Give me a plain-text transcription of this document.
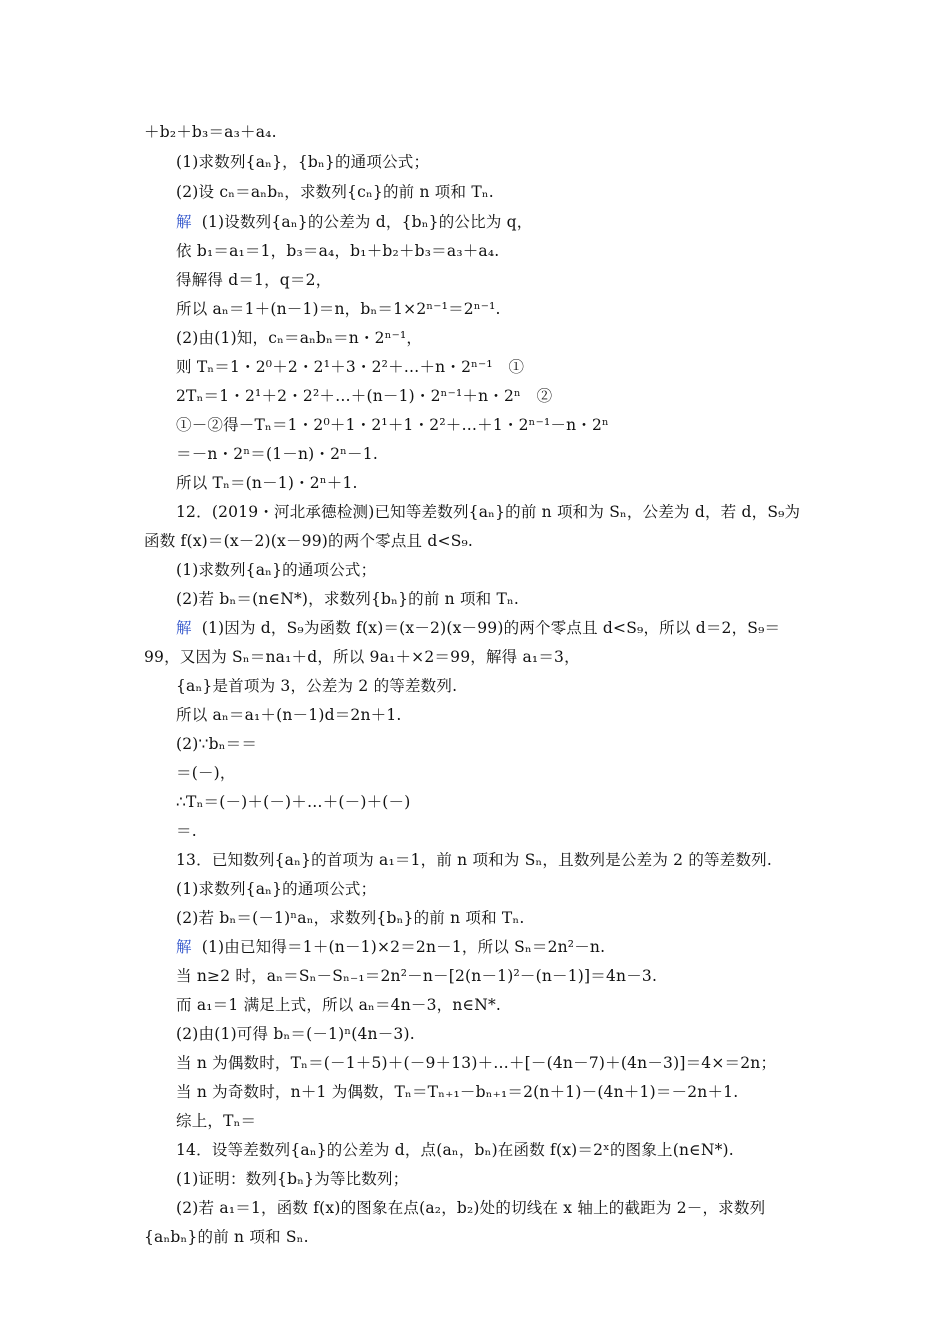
＋b₂＋b₃＝a₃＋a₄.
(1)求数列{aₙ}，{bₙ}的通项公式；
(2)设 cₙ＝aₙbₙ，求数列{cₙ}的前 n 项和 Tₙ.
解 (1)设数列{aₙ}的公差为 d，{bₙ}的公比为 q，
依 b₁＝a₁＝1，b₃＝a₄，b₁＋b₂＋b₃＝a₃＋a₄.
得解得 d＝1，q＝2，
所以 aₙ＝1＋(n－1)＝n，bₙ＝1×2ⁿ⁻¹＝2ⁿ⁻¹.
(2)由(1)知，cₙ＝aₙbₙ＝n・2ⁿ⁻¹，
则 Tₙ＝1・2⁰＋2・2¹＋3・2²＋…＋n・2ⁿ⁻¹　①
2Tₙ＝1・2¹＋2・2²＋…＋(n－1)・2ⁿ⁻¹＋n・2ⁿ　②
①－②得－Tₙ＝1・2⁰＋1・2¹＋1・2²＋…＋1・2ⁿ⁻¹－n・2ⁿ
＝－n・2ⁿ＝(1－n)・2ⁿ－1.
所以 Tₙ＝(n－1)・2ⁿ＋1.
12．(2019・河北承德检测)已知等差数列{aₙ}的前 n 项和为 Sₙ，公差为 d，若 d，S₉为
函数 f(x)＝(x－2)(x－99)的两个零点且 d<S₉.
(1)求数列{aₙ}的通项公式；
(2)若 bₙ＝(n∈N*)，求数列{bₙ}的前 n 项和 Tₙ.
解 (1)因为 d，S₉为函数 f(x)＝(x－2)(x－99)的两个零点且 d<S₉，所以 d＝2，S₉＝
99，又因为 Sₙ＝na₁＋d，所以 9a₁＋×2＝99，解得 a₁＝3，
{aₙ}是首项为 3，公差为 2 的等差数列.
所以 aₙ＝a₁＋(n－1)d＝2n＋1.
(2)∵bₙ＝＝
＝(－)，
∴Tₙ＝(－)＋(－)＋…＋(－)＋(－)
＝.
13．已知数列{aₙ}的首项为 a₁＝1，前 n 项和为 Sₙ，且数列是公差为 2 的等差数列.
(1)求数列{aₙ}的通项公式；
(2)若 bₙ＝(－1)ⁿaₙ，求数列{bₙ}的前 n 项和 Tₙ.
解 (1)由已知得＝1＋(n－1)×2＝2n－1，所以 Sₙ＝2n²－n.
当 n≥2 时，aₙ＝Sₙ－Sₙ₋₁＝2n²－n－[2(n－1)²－(n－1)]＝4n－3.
而 a₁＝1 满足上式，所以 aₙ＝4n－3，n∈N*.
(2)由(1)可得 bₙ＝(－1)ⁿ(4n－3).
当 n 为偶数时，Tₙ＝(－1＋5)＋(－9＋13)＋…＋[－(4n－7)＋(4n－3)]＝4×＝2n；
当 n 为奇数时，n＋1 为偶数，Tₙ＝Tₙ₊₁－bₙ₊₁＝2(n＋1)－(4n＋1)＝－2n＋1.
综上，Tₙ＝
14．设等差数列{aₙ}的公差为 d，点(aₙ，bₙ)在函数 f(x)＝2ˣ的图象上(n∈N*).
(1)证明：数列{bₙ}为等比数列；
(2)若 a₁＝1，函数 f(x)的图象在点(a₂，b₂)处的切线在 x 轴上的截距为 2－，求数列
{aₙbₙ}的前 n 项和 Sₙ.
